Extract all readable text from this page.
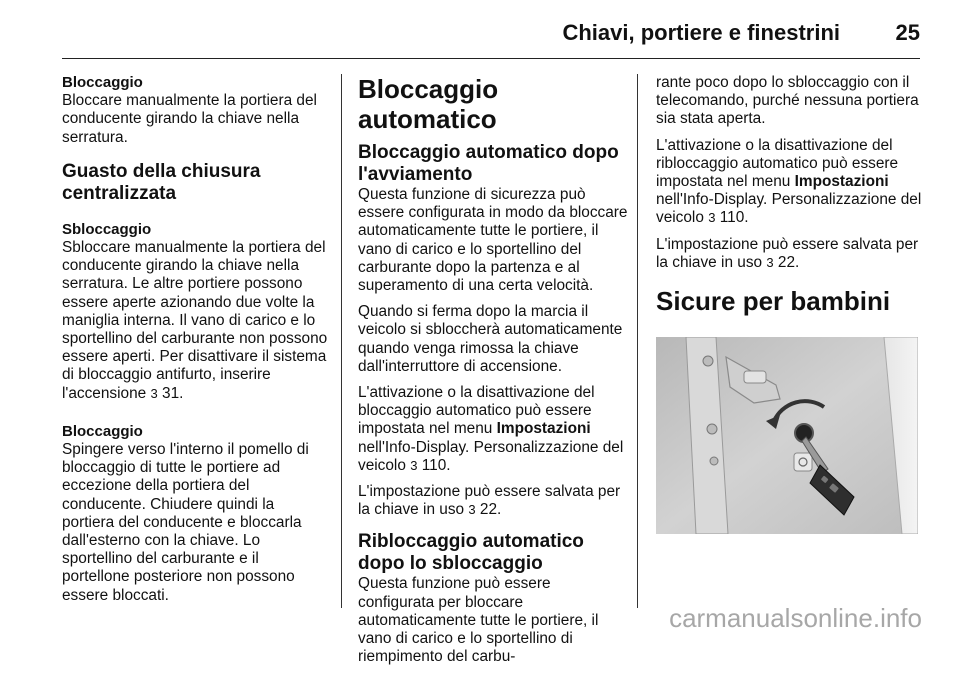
Chiavi, portiere e finestrini	25

Bloccaggio

Bloccare manualmente la portiera del conducente girando la chiave nella serratura.

Guasto della chiusura centralizzata

Sbloccaggio

Sbloccare manualmente la portiera del conducente girando la chiave nella serratura. Le altre portiere possono essere aperte azionando due volte la maniglia interna. Il vano di carico e lo sportellino del carburante non possono essere aperti. Per disattivare il sistema di bloccaggio antifurto, inserire l'accensione 3 31.

Bloccaggio

Spingere verso l'interno il pomello di bloccaggio di tutte le portiere ad eccezione della portiera del conducente. Chiudere quindi la portiera del conducente e bloccarla dall'esterno con la chiave. Lo sportellino del carburante e il portellone posteriore non possono essere bloccati.

Bloccaggio automatico

Bloccaggio automatico dopo l'avviamento

Questa funzione di sicurezza può essere configurata in modo da bloccare automaticamente tutte le portiere, il vano di carico e lo sportellino del carburante dopo la partenza e al superamento di una certa velocità.

Quando si ferma dopo la marcia il veicolo si sbloccherà automaticamente quando venga rimossa la chiave dall'interruttore di accensione.

L'attivazione o la disattivazione del bloccaggio automatico può essere impostata nel menu Impostazioni nell'Info-Display. Personalizzazione del veicolo 3 110.

L'impostazione può essere salvata per la chiave in uso 3 22.

Ribloccaggio automatico dopo lo sbloccaggio

Questa funzione può essere configurata per bloccare automaticamente tutte le portiere, il vano di carico e lo sportellino di riempimento del carbu-

rante poco dopo lo sbloccaggio con il telecomando, purché nessuna portiera sia stata aperta.

L'attivazione o la disattivazione del ribloccaggio automatico può essere impostata nel menu Impostazioni nell'Info-Display. Personalizzazione del veicolo 3 110.

L'impostazione può essere salvata per la chiave in uso 3 22.

Sicure per bambini

carmanualsonline.info
